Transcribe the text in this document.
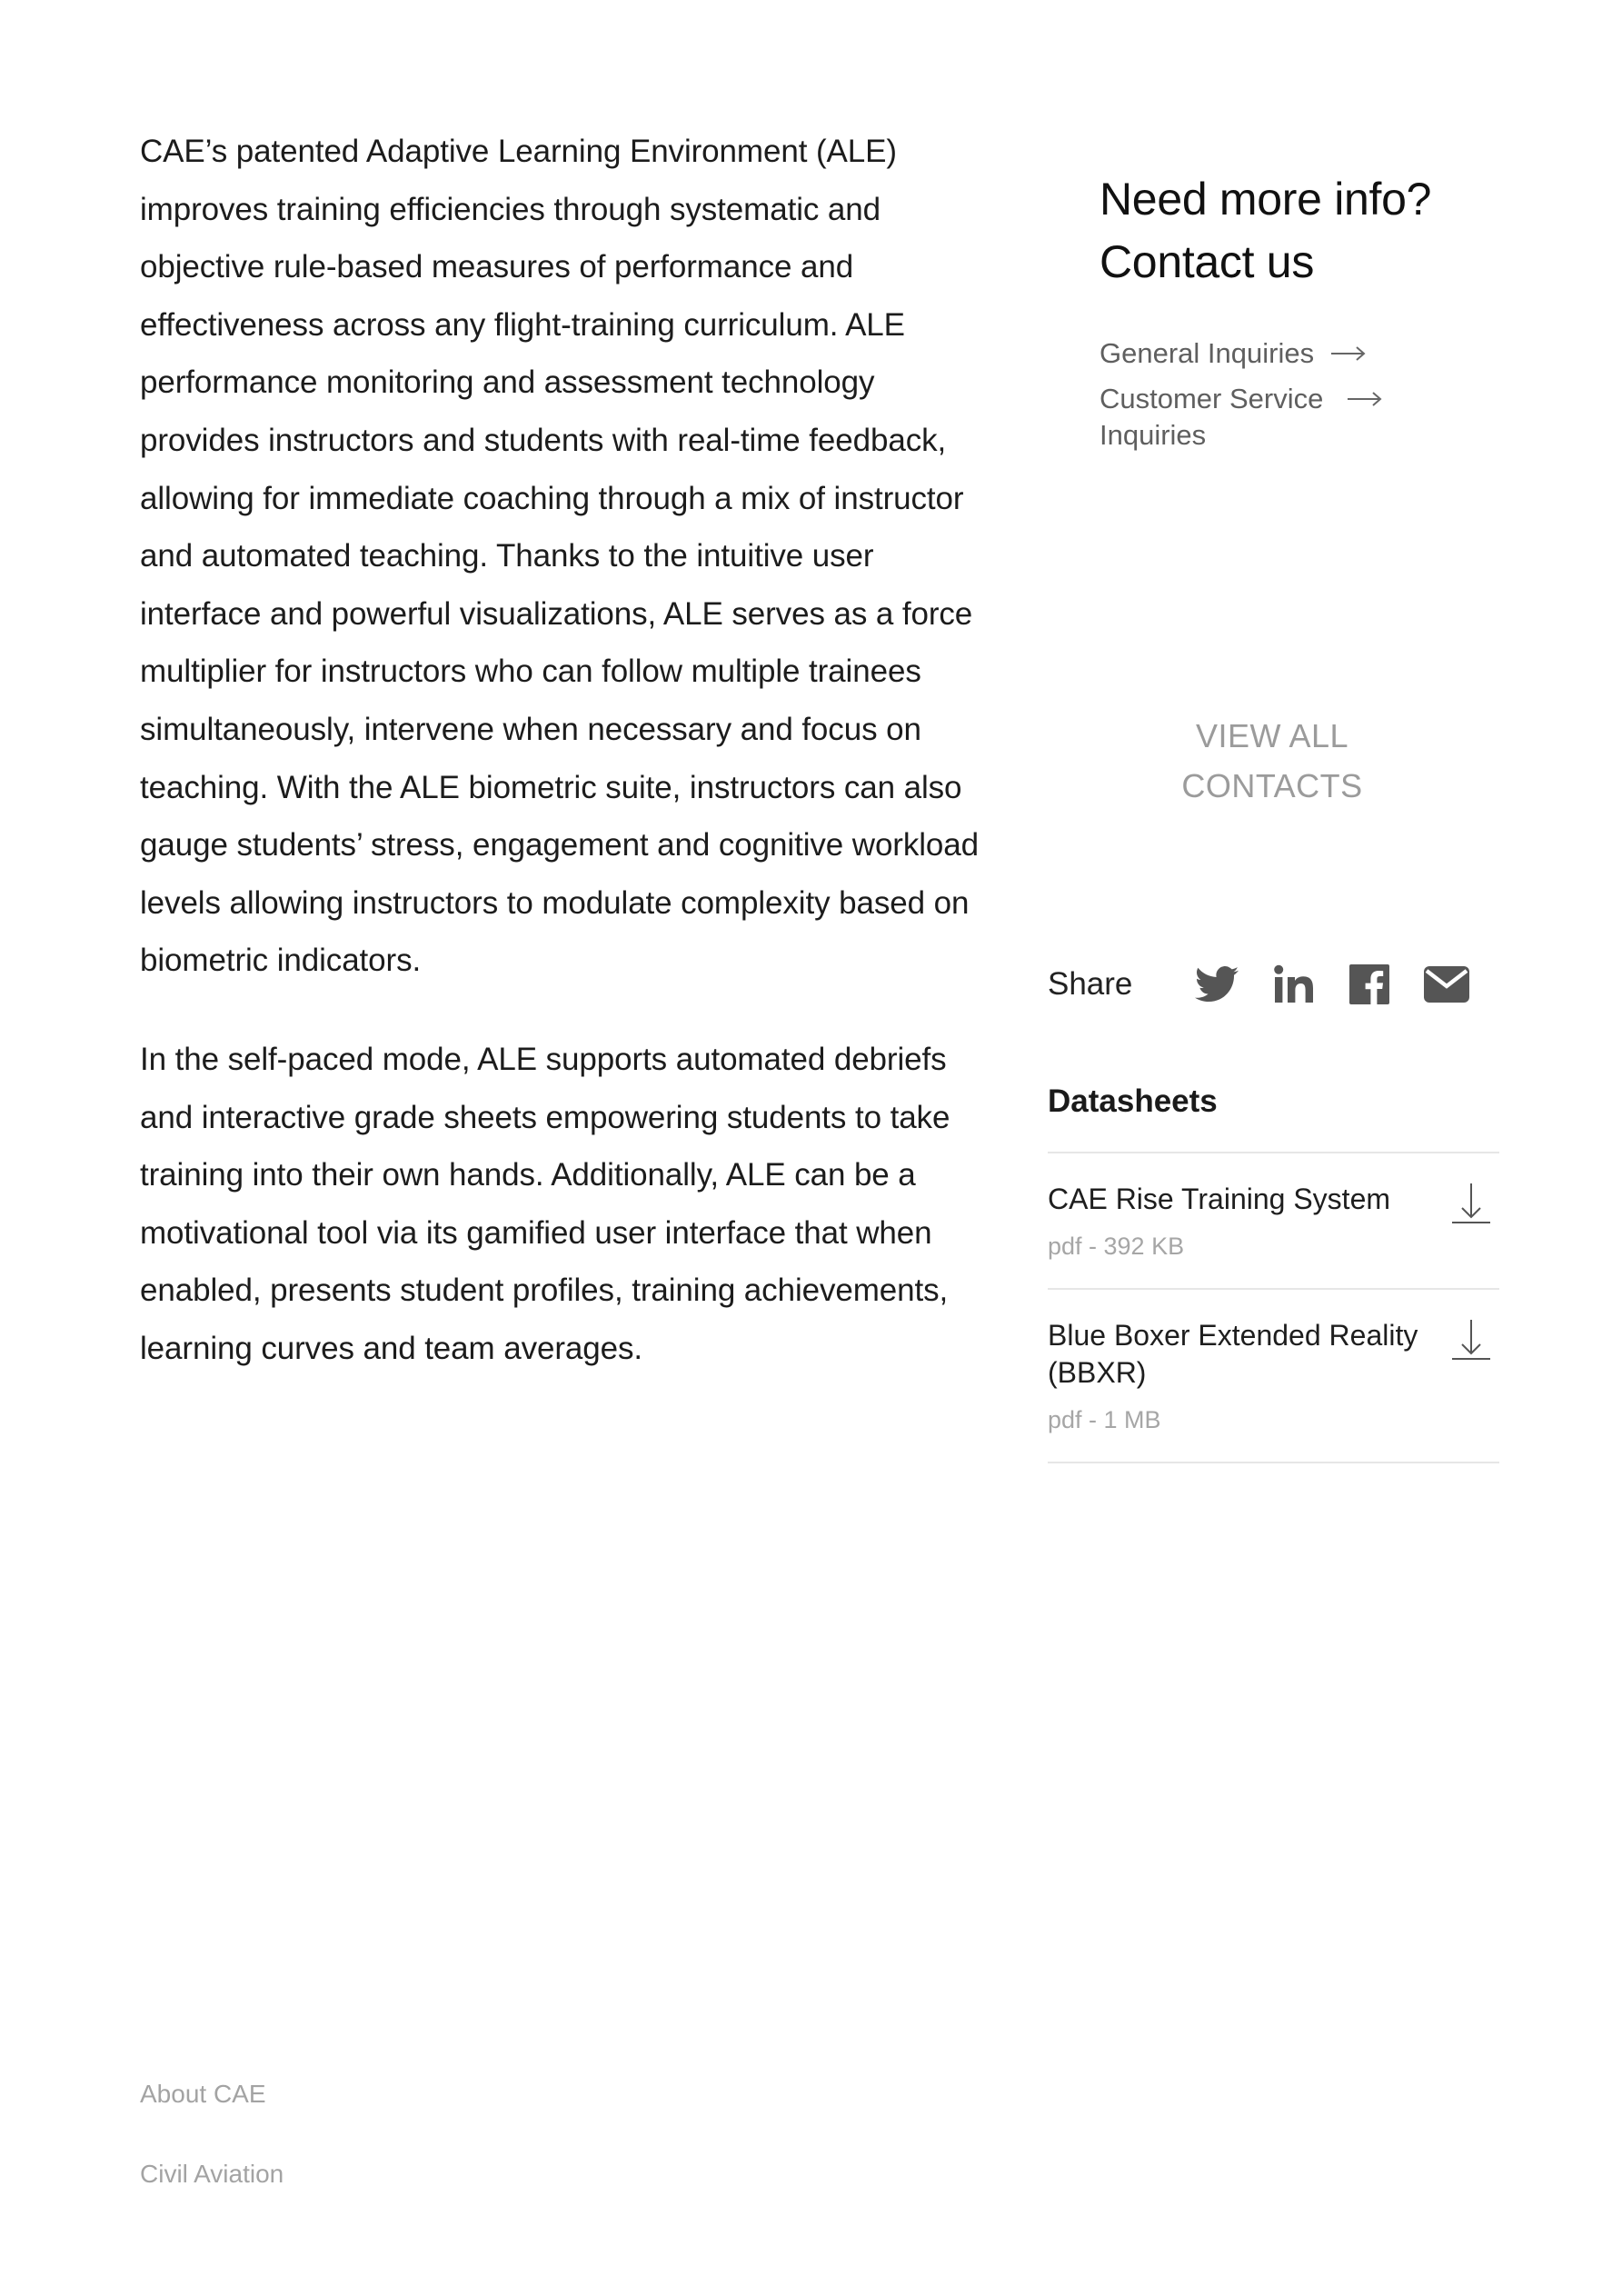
CAE’s patented Adaptive Learning Environment (ALE) improves training efficiencies through systematic and objective rule-based measures of performance and effectiveness across any flight-training curriculum. ALE performance monitoring and assessment technology provides instructors and students with real-time feedback, allowing for immediate coaching through a mix of instructor and automated teaching. Thanks to the intuitive user interface and powerful visualizations, ALE serves as a force multiplier for instructors who can follow multiple trainees simultaneously, intervene when necessary and focus on teaching. With the ALE biometric suite, instructors can also gauge students’ stress, engagement and cognitive workload levels allowing instructors to modulate complexity based on biometric indicators.

In the self-paced mode, ALE supports automated debriefs and interactive grade sheets empowering students to take training into their own hands. Additionally, ALE can be a motivational tool via its gamified user interface that when enabled, presents student profiles, training achievements, learning curves and team averages.

Need more info?
Contact us
General Inquiries
Customer Service Inquiries
VIEW ALL CONTACTS
Share
Datasheets
CAE Rise Training System
pdf - 392 KB
Blue Boxer Extended Reality (BBXR)
pdf - 1 MB
About CAE
Civil Aviation
